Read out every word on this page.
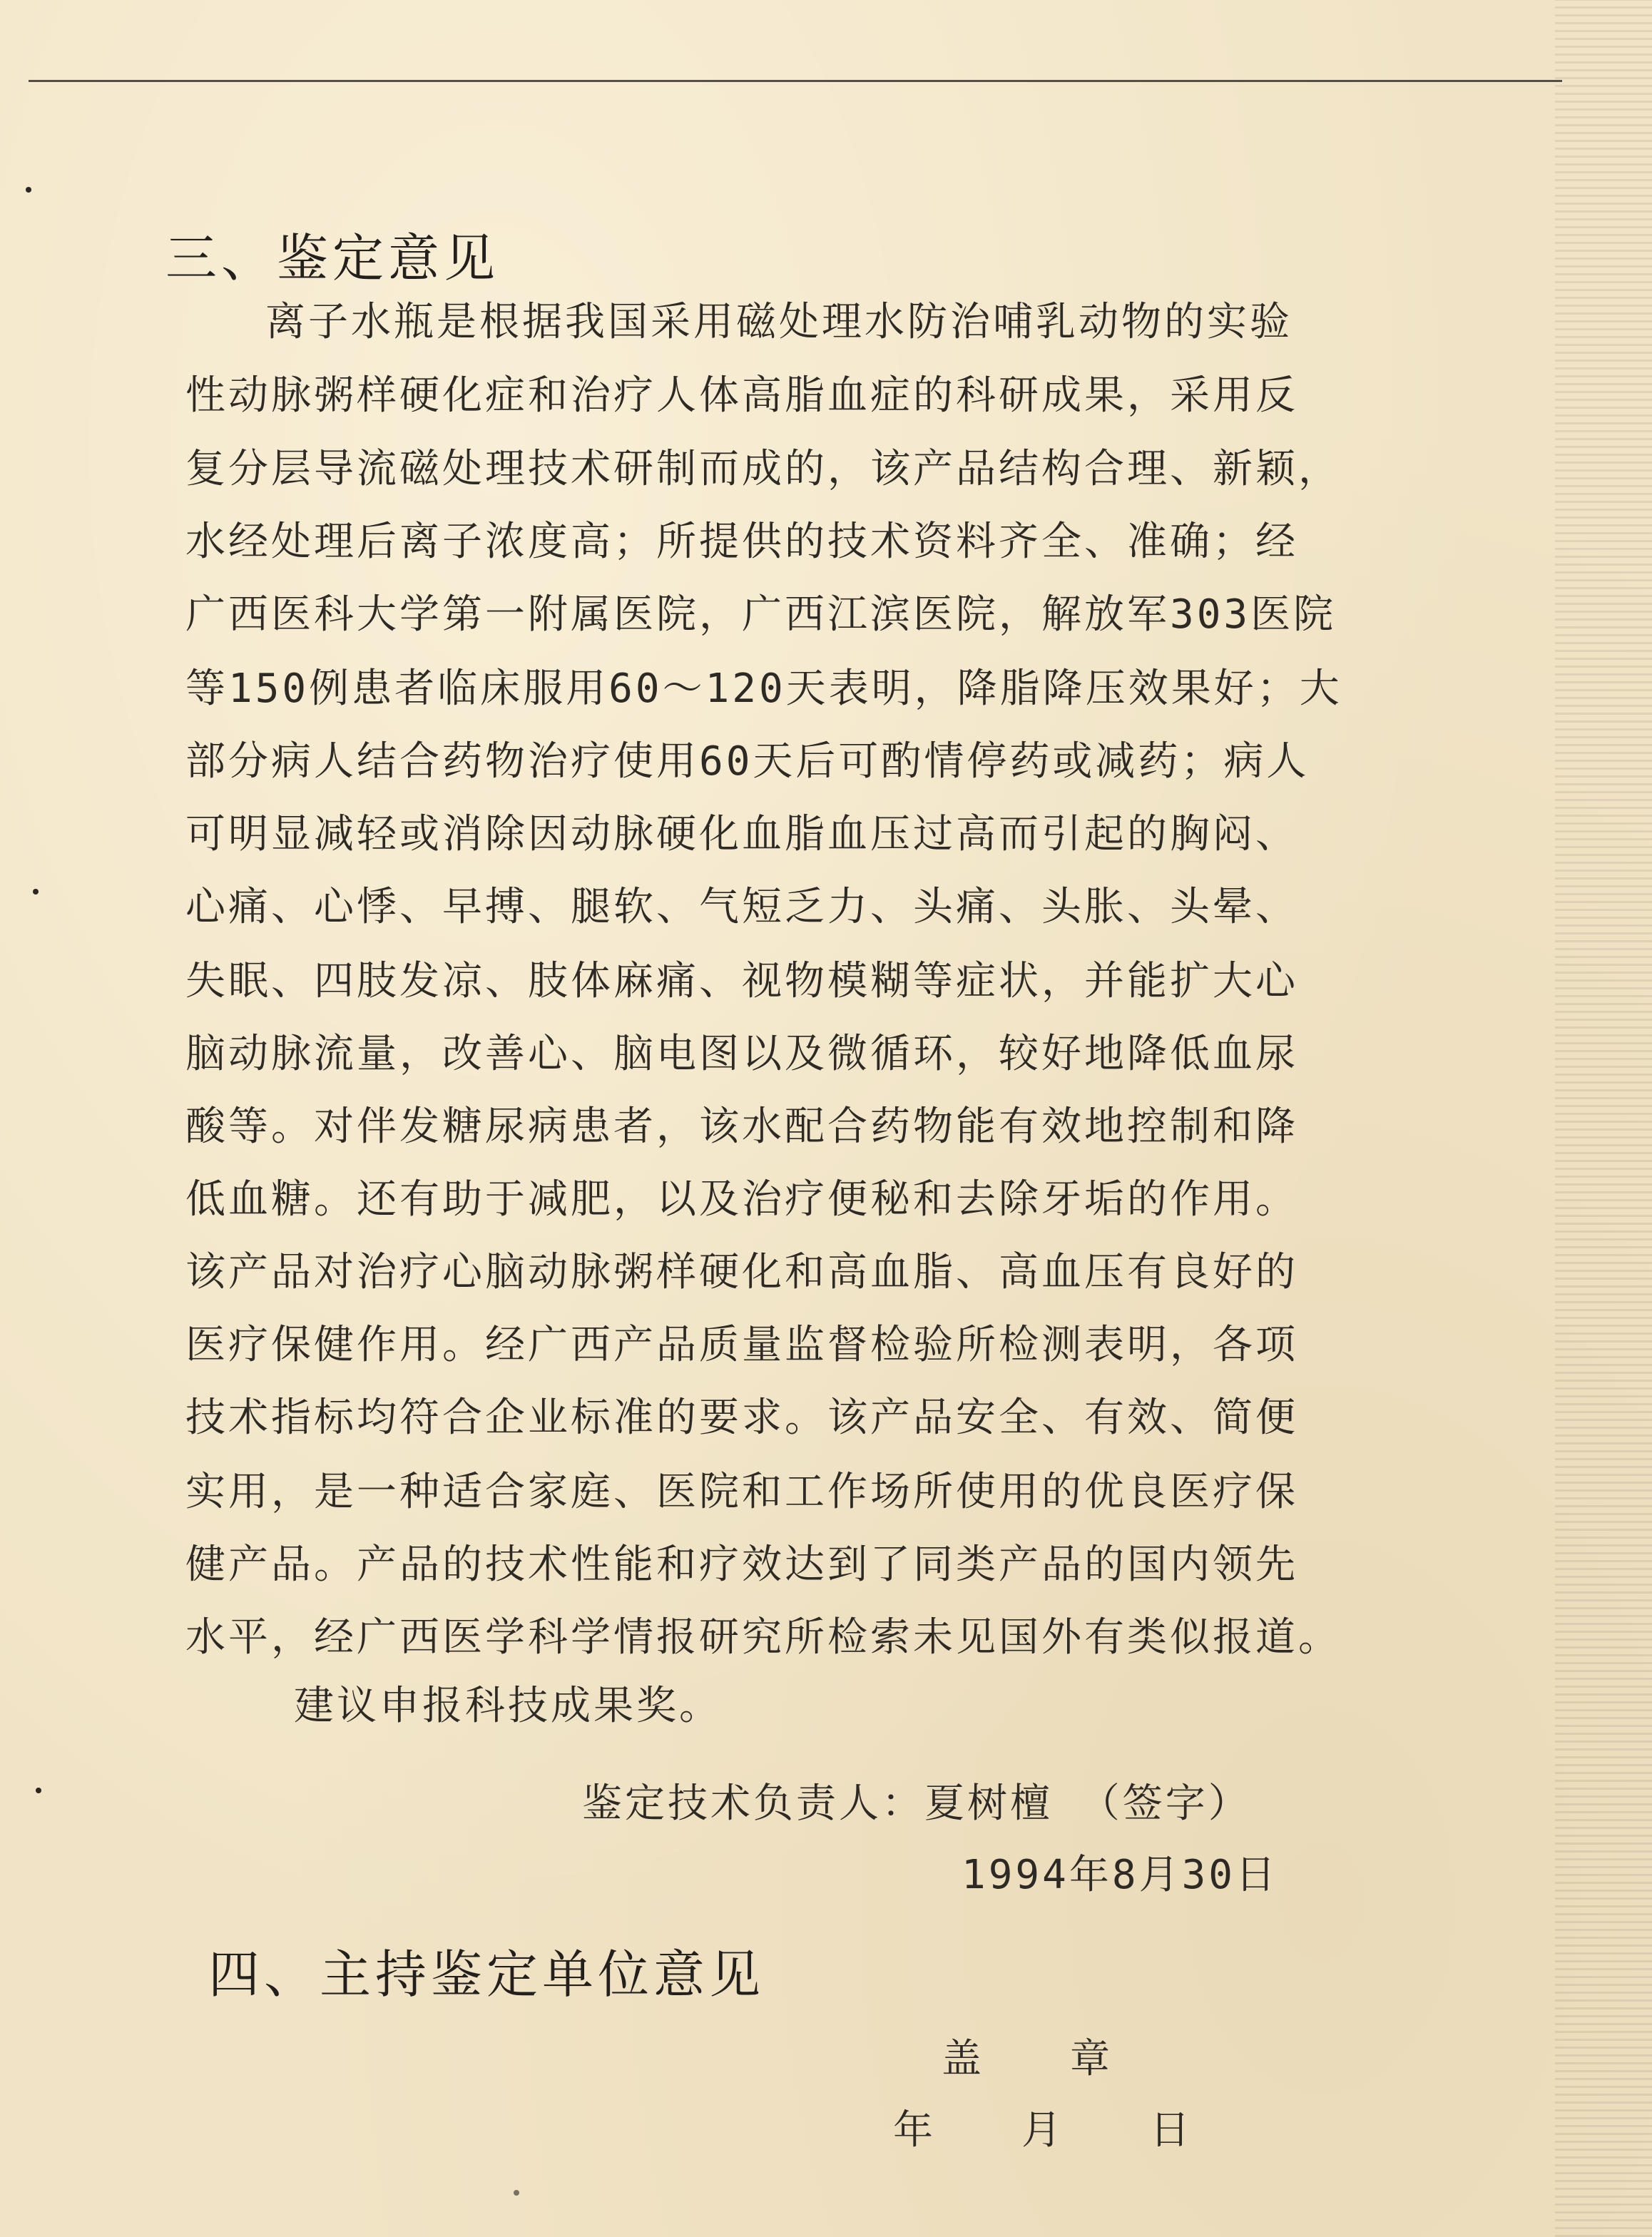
三、鉴定意见
离子水瓶是根据我国采用磁处理水防治哺乳动物的实验
性动脉粥样硬化症和治疗人体高脂血症的科研成果，采用反
复分层导流磁处理技术研制而成的，该产品结构合理、新颖，
水经处理后离子浓度高；所提供的技术资料齐全、准确；经
广西医科大学第一附属医院，广西江滨医院，解放军303医院
等150例患者临床服用60～120天表明，降脂降压效果好；大
部分病人结合药物治疗使用60天后可酌情停药或减药；病人
可明显减轻或消除因动脉硬化血脂血压过高而引起的胸闷、
心痛、心悸、早搏、腿软、气短乏力、头痛、头胀、头晕、
失眠、四肢发凉、肢体麻痛、视物模糊等症状，并能扩大心
脑动脉流量，改善心、脑电图以及微循环，较好地降低血尿
酸等。对伴发糖尿病患者，该水配合药物能有效地控制和降
低血糖。还有助于减肥，以及治疗便秘和去除牙垢的作用。
该产品对治疗心脑动脉粥样硬化和高血脂、高血压有良好的
医疗保健作用。经广西产品质量监督检验所检测表明，各项
技术指标均符合企业标准的要求。该产品安全、有效、简便
实用，是一种适合家庭、医院和工作场所使用的优良医疗保
健产品。产品的技术性能和疗效达到了同类产品的国内领先
水平，经广西医学科学情报研究所检索未见国外有类似报道。
建议申报科技成果奖。
鉴定技术负责人：夏树檀 （签字）
1994年8月30日
四、主持鉴定单位意见
盖　　章
年　　月　　日
